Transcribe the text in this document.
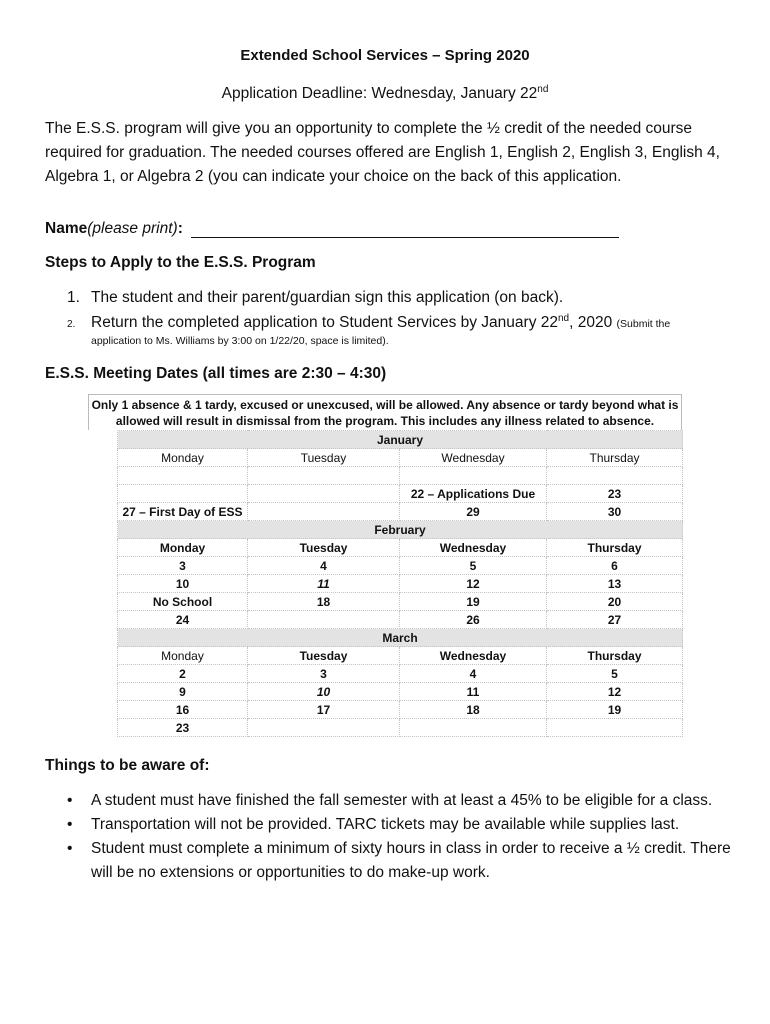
Extended School Services – Spring 2020
Application Deadline: Wednesday, January 22nd
The E.S.S. program will give you an opportunity to complete the ½ credit of the needed course required for graduation. The needed courses offered are English 1, English 2, English 3, English 4, Algebra 1, or Algebra 2 (you can indicate your choice on the back of this application.
Name (please print) :
Steps to Apply to the E.S.S. Program
1. The student and their parent/guardian sign this application (on back).
2. Return the completed application to Student Services by January 22nd, 2020 (Submit the
application to Ms. Williams by 3:00 on 1/22/20, space is limited).
E.S.S. Meeting Dates (all times are 2:30 – 4:30)
Only 1 absence & 1 tardy, excused or unexcused, will be allowed. Any absence or tardy beyond what is allowed will result in dismissal from the program. This includes any illness related to absence.
January			
Monday	Tuesday	Wednesday	Thursday

		22 – Applications Due	23
27 – First Day of ESS		29	30
February			
Monday	Tuesday	Wednesday	Thursday
3	4	5	6
10	11	12	13
No School	18	19	20
24		26	27
March			
Monday	Tuesday	Wednesday	Thursday
2	3	4	5
9	10	11	12
16	17	18	19
23			
Things to be aware of:
• A student must have finished the fall semester with at least a 45% to be eligible for a class.
• Transportation will not be provided. TARC tickets may be available while supplies last.
• Student must complete a minimum of sixty hours in class in order to receive a ½ credit. There will be no extensions or opportunities to do make-up work.
